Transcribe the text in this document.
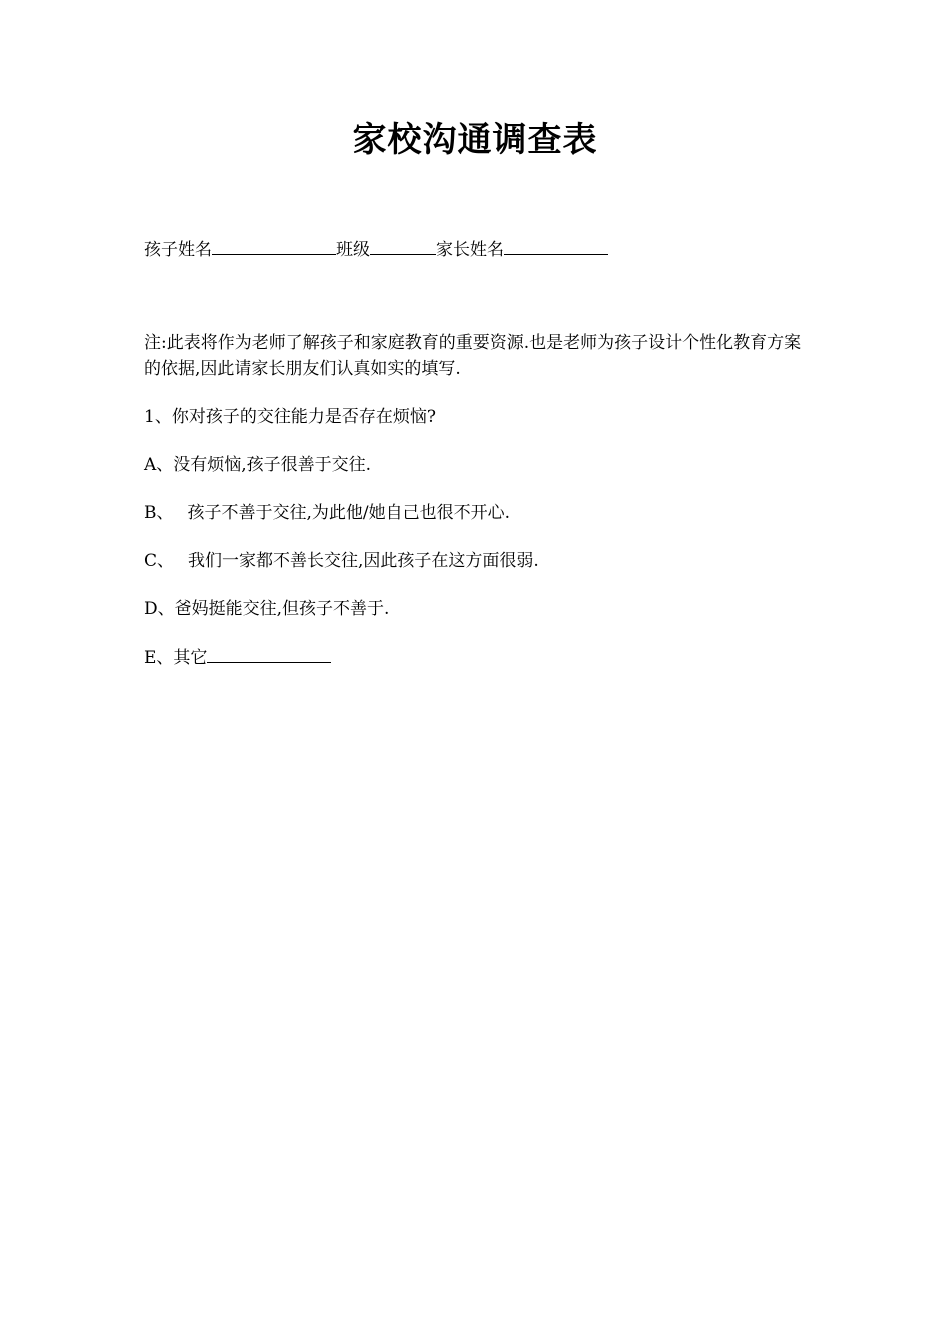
家校沟通调查表
孩子姓名	班级	家长姓名

注:此表将作为老师了解孩子和家庭教育的重要资源.也是老师为孩子设计个性化教育方案的依据,因此请家长朋友们认真如实的填写.

1、你对孩子的交往能力是否存在烦恼?

A、没有烦恼,孩子很善于交往.
B、 孩子不善于交往,为此他/她自己也很不开心.
C、 我们一家都不善长交往,因此孩子在这方面很弱.
D、爸妈挺能交往,但孩子不善于.
E、其它
